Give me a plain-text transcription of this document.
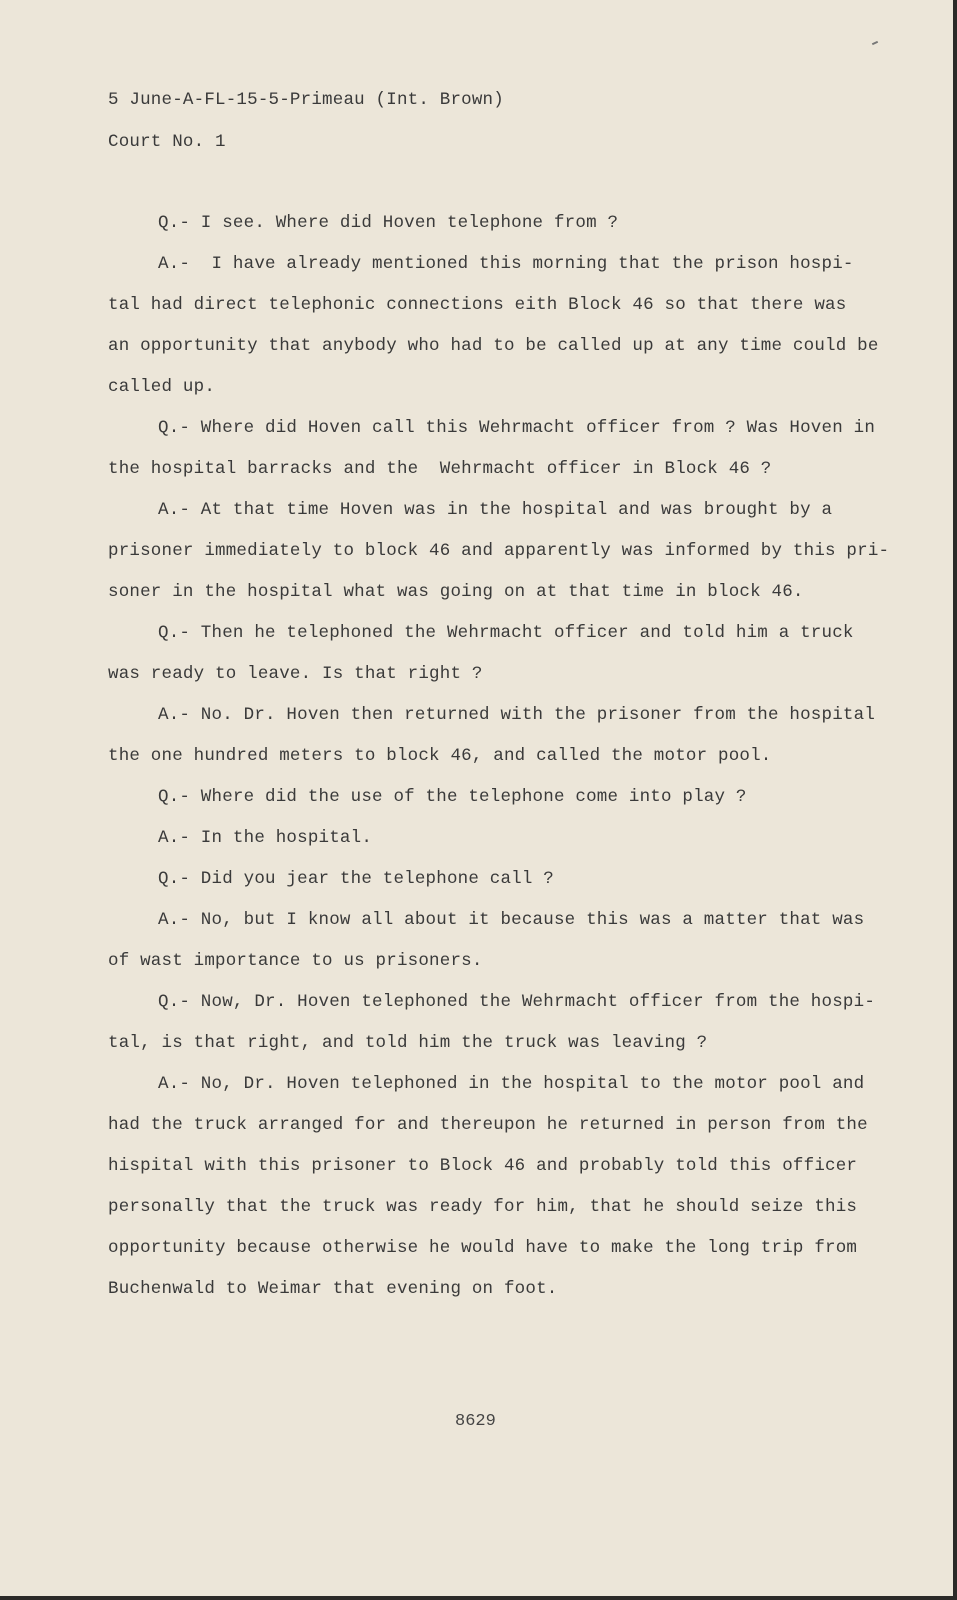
5 June-A-FL-15-5-Primeau (Int. Brown)
Court No. 1
Q.- I see. Where did Hoven telephone from ?
A.-  I have already mentioned this morning that the prison hospi-
tal had direct telephonic connections eith Block 46 so that there was
an opportunity that anybody who had to be called up at any time could be
called up.
Q.- Where did Hoven call this Wehrmacht officer from ? Was Hoven in
the hospital barracks and the  Wehrmacht officer in Block 46 ?
A.- At that time Hoven was in the hospital and was brought by a
prisoner immediately to block 46 and apparently was informed by this pri-
soner in the hospital what was going on at that time in block 46.
Q.- Then he telephoned the Wehrmacht officer and told him a truck
was ready to leave. Is that right ?
A.- No. Dr. Hoven then returned with the prisoner from the hospital
the one hundred meters to block 46, and called the motor pool.
Q.- Where did the use of the telephone come into play ?
A.- In the hospital.
Q.- Did you jear the telephone call ?
A.- No, but I know all about it because this was a matter that was
of wast importance to us prisoners.
Q.- Now, Dr. Hoven telephoned the Wehrmacht officer from the hospi-
tal, is that right, and told him the truck was leaving ?
A.- No, Dr. Hoven telephoned in the hospital to the motor pool and
had the truck arranged for and thereupon he returned in person from the
hispital with this prisoner to Block 46 and probably told this officer
personally that the truck was ready for him, that he should seize this
opportunity because otherwise he would have to make the long trip from
Buchenwald to Weimar that evening on foot.
8629
